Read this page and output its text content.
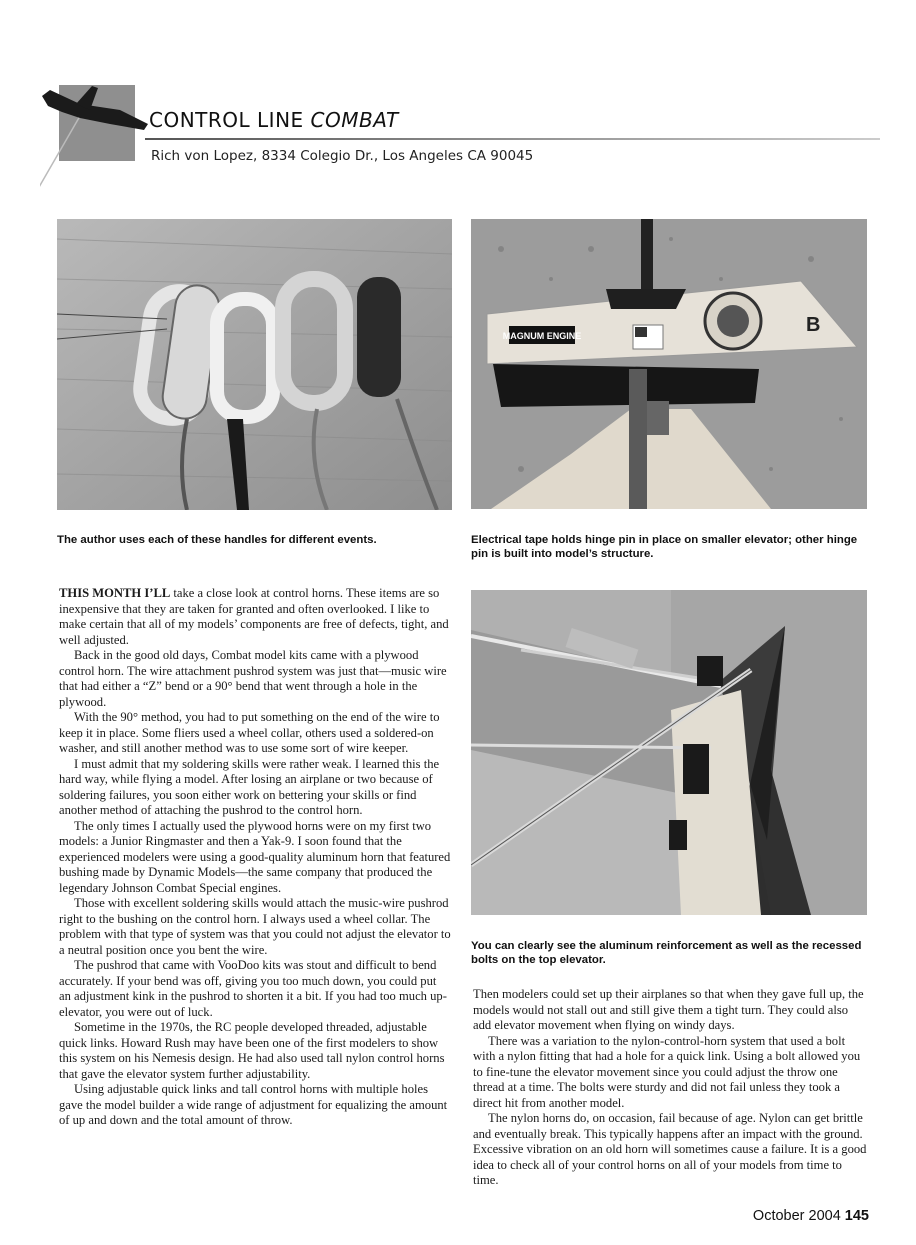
CONTROL LINE COMBAT
Rich von Lopez, 8334 Colegio Dr., Los Angeles CA 90045
The author uses each of these handles for different events.
MAGNUM ENGINE	B
Electrical tape holds hinge pin in place on smaller elevator; other hinge pin is built into model’s structure.
You can clearly see the aluminum reinforcement as well as the recessed bolts on the top elevator.

THIS MONTH I’LL take a close look at control horns. These items are so inexpensive that they are taken for granted and often overlooked. I like to make certain that all of my models’ components are free of defects, tight, and well adjusted.

Back in the good old days, Combat model kits came with a plywood control horn. The wire attachment pushrod system was just that—music wire that had either a “Z” bend or a 90° bend that went through a hole in the plywood.

With the 90° method, you had to put something on the end of the wire to keep it in place. Some fliers used a wheel collar, others used a soldered-on washer, and still another method was to use some sort of wire keeper.

I must admit that my soldering skills were rather weak. I learned this the hard way, while flying a model. After losing an airplane or two because of soldering failures, you soon either work on bettering your skills or find another method of attaching the pushrod to the control horn.

The only times I actually used the plywood horns were on my first two models: a Junior Ringmaster and then a Yak-9. I soon found that the experienced modelers were using a good-quality aluminum horn that featured bushing made by Dynamic Models—the same company that produced the legendary Johnson Combat Special engines.

Those with excellent soldering skills would attach the music-wire pushrod right to the bushing on the control horn. I always used a wheel collar. The problem with that type of system was that you could not adjust the elevator to a neutral position once you bent the wire.

The pushrod that came with VooDoo kits was stout and difficult to bend accurately. If your bend was off, giving you too much down, you could put an adjustment kink in the pushrod to shorten it a bit. If you had too much up-elevator, you were out of luck.

Sometime in the 1970s, the RC people developed threaded, adjustable quick links. Howard Rush may have been one of the first modelers to show this system on his Nemesis design. He had also used tall nylon control horns that gave the elevator system further adjustability.

Using adjustable quick links and tall control horns with multiple holes gave the model builder a wide range of adjustment for equalizing the amount of up and down and the total amount of throw.

Then modelers could set up their airplanes so that when they gave full up, the models would not stall out and still give them a tight turn. They could also add elevator movement when flying on windy days.

There was a variation to the nylon-control-horn system that used a bolt with a nylon fitting that had a hole for a quick link. Using a bolt allowed you to fine-tune the elevator movement since you could adjust the throw one thread at a time. The bolts were sturdy and did not fail unless they took a direct hit from another model.

The nylon horns do, on occasion, fail because of age. Nylon can get brittle and eventually break. This typically happens after an impact with the ground. Excessive vibration on an old horn will sometimes cause a failure. It is a good idea to check all of your control horns on all of your models from time to time.

October 2004 145
